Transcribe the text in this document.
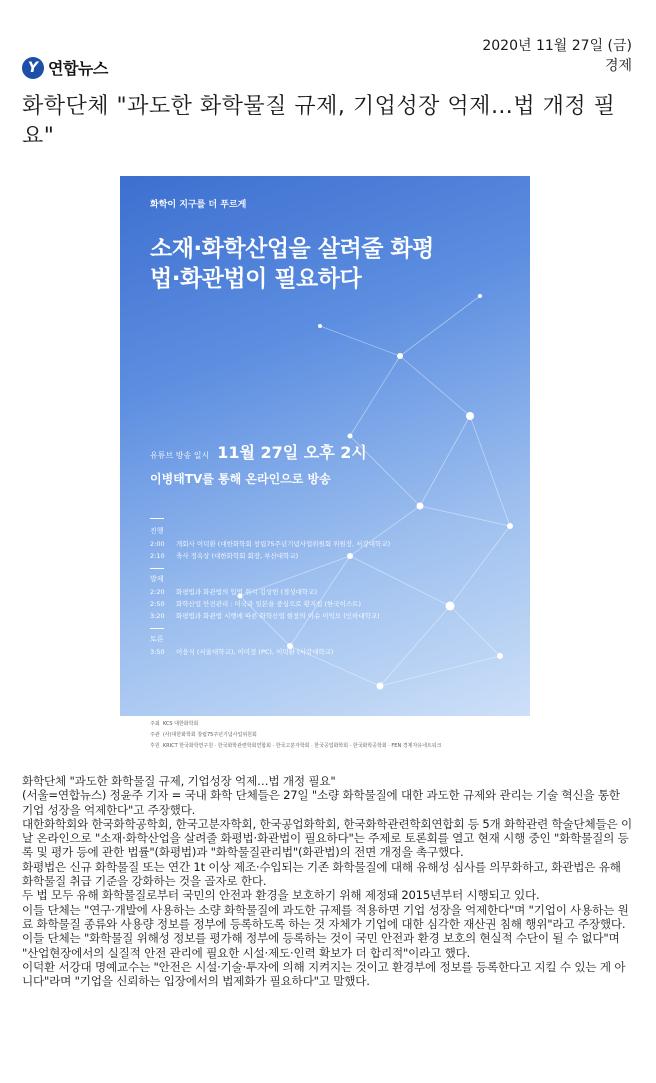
2020년 11월 27일 (금)
경제
Y 연합뉴스
화학단체 "과도한 화학물질 규제, 기업성장 억제…법 개정 필요"
화학이 지구를 더 푸르게
소재·화학산업을 살려줄 화평법·화관법이 필요하다
유튜브 방송 일시 11월 27일 오후 2시
이병태TV를 통해 온라인으로 방송
진행
2:00 개회사 이덕환 (대한화학회 창립75주년기념사업위원회 위원장, 서강대학교)
2:10 축사 정옥상 (대한화학회 회장, 부산대학교)
발제
2:20 화평법과 화관법의 입법 취지 김상헌 (경성대학교)
2:50 화학산업 안전관리 : 미국과 일본을 중심으로 황지섭 (한국이스트)
3:20 화평법과 화관법 시행에 따른 화학산업 현장의 이슈 이익모 (인하대학교)
토론
3:50 이웅식 (서울대학교), 이미정 (PC), 이덕환 (서강대학교)
주최 KCS 대한화학회
주관 (사)대한화학회 창립75주년기념사업위원회
후원 KRICT 한국화학연구원 · 한국화학관련학회연합회 · 한국고분자학회 · 한국공업화학회 · 한국화학공학회 · FEN 경제자유네트워크

화학단체 "과도한 화학물질 규제, 기업성장 억제…법 개정 필요"

(서울=연합뉴스) 정윤주 기자 = 국내 화학 단체들은 27일 "소량 화학물질에 대한 과도한 규제와 관리는 기술 혁신을 통한 기업 성장을 억제한다"고 주장했다.

대한화학회와 한국화학공학회, 한국고분자학회, 한국공업화학회, 한국화학관련학회연합회 등 5개 화학관련 학술단체들은 이날 온라인으로 "소재·화학산업을 살려줄 화평법·화관법이 필요하다"는 주제로 토론회를 열고 현재 시행 중인 "화학물질의 등록 및 평가 등에 관한 법률"(화평법)과 "화학물질관리법"(화관법)의 전면 개정을 촉구했다.

화평법은 신규 화학물질 또는 연간 1t 이상 제조·수입되는 기존 화학물질에 대해 유해성 심사를 의무화하고, 화관법은 유해 화학물질 취급 기준을 강화하는 것을 골자로 한다.

두 법 모두 유해 화학물질로부터 국민의 안전과 환경을 보호하기 위해 제정돼 2015년부터 시행되고 있다.

이들 단체는 "연구·개발에 사용하는 소량 화학물질에 과도한 규제를 적용하면 기업 성장을 억제한다"며 "기업이 사용하는 원료 화학물질 종류와 사용량 정보를 정부에 등록하도록 하는 것 자체가 기업에 대한 심각한 재산권 침해 행위"라고 주장했다.

이들 단체는 "화학물질 위해성 정보를 평가해 정부에 등록하는 것이 국민 안전과 환경 보호의 현실적 수단이 될 수 없다"며 "산업현장에서의 실질적 안전 관리에 필요한 시설·제도·인력 확보가 더 합리적"이라고 했다.

이덕환 서강대 명예교수는 "안전은 시설·기술·투자에 의해 지켜지는 것이고 환경부에 정보를 등록한다고 지킬 수 있는 게 아니다"라며 "기업을 신뢰하는 입장에서의 법제화가 필요하다"고 말했다.
